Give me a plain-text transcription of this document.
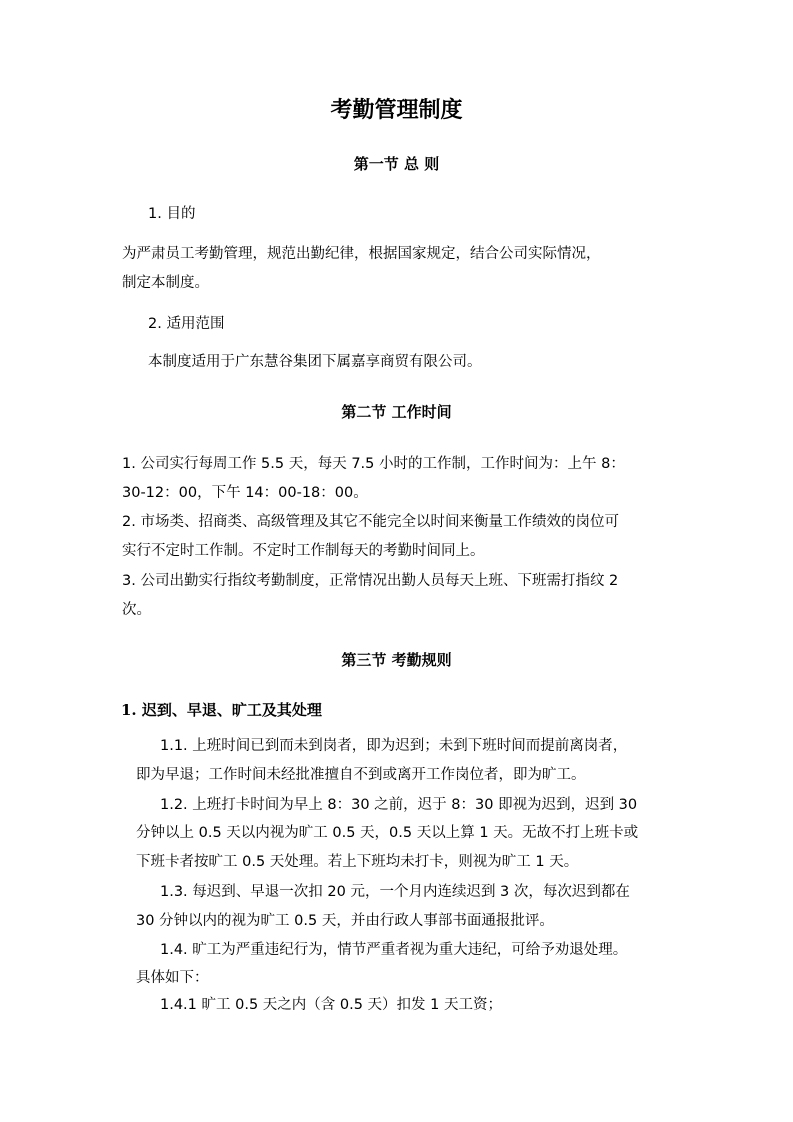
考勤管理制度
第一节 总 则
1. 目的
为严肃员工考勤管理，规范出勤纪律，根据国家规定，结合公司实际情况，
制定本制度。
2. 适用范围
本制度适用于广东慧谷集团下属嘉享商贸有限公司。
第二节 工作时间
1. 公司实行每周工作 5.5 天，每天 7.5 小时的工作制，工作时间为：上午 8：
30-12：00，下午 14：00-18：00。
2. 市场类、招商类、高级管理及其它不能完全以时间来衡量工作绩效的岗位可
实行不定时工作制。不定时工作制每天的考勤时间同上。
3. 公司出勤实行指纹考勤制度，正常情况出勤人员每天上班、下班需打指纹 2
次。
第三节 考勤规则
1. 迟到、早退、旷工及其处理
1.1. 上班时间已到而未到岗者，即为迟到；未到下班时间而提前离岗者，
即为早退；工作时间未经批准擅自不到或离开工作岗位者，即为旷工。
1.2. 上班打卡时间为早上 8：30 之前，迟于 8：30 即视为迟到，迟到 30
分钟以上 0.5 天以内视为旷工 0.5 天，0.5 天以上算 1 天。无故不打上班卡或
下班卡者按旷工 0.5 天处理。若上下班均未打卡，则视为旷工 1 天。
1.3. 每迟到、早退一次扣 20 元，一个月内连续迟到 3 次，每次迟到都在
30 分钟以内的视为旷工 0.5 天，并由行政人事部书面通报批评。
1.4. 旷工为严重违纪行为，情节严重者视为重大违纪，可给予劝退处理。
具体如下：
1.4.1 旷工 0.5 天之内（含 0.5 天）扣发 1 天工资；
